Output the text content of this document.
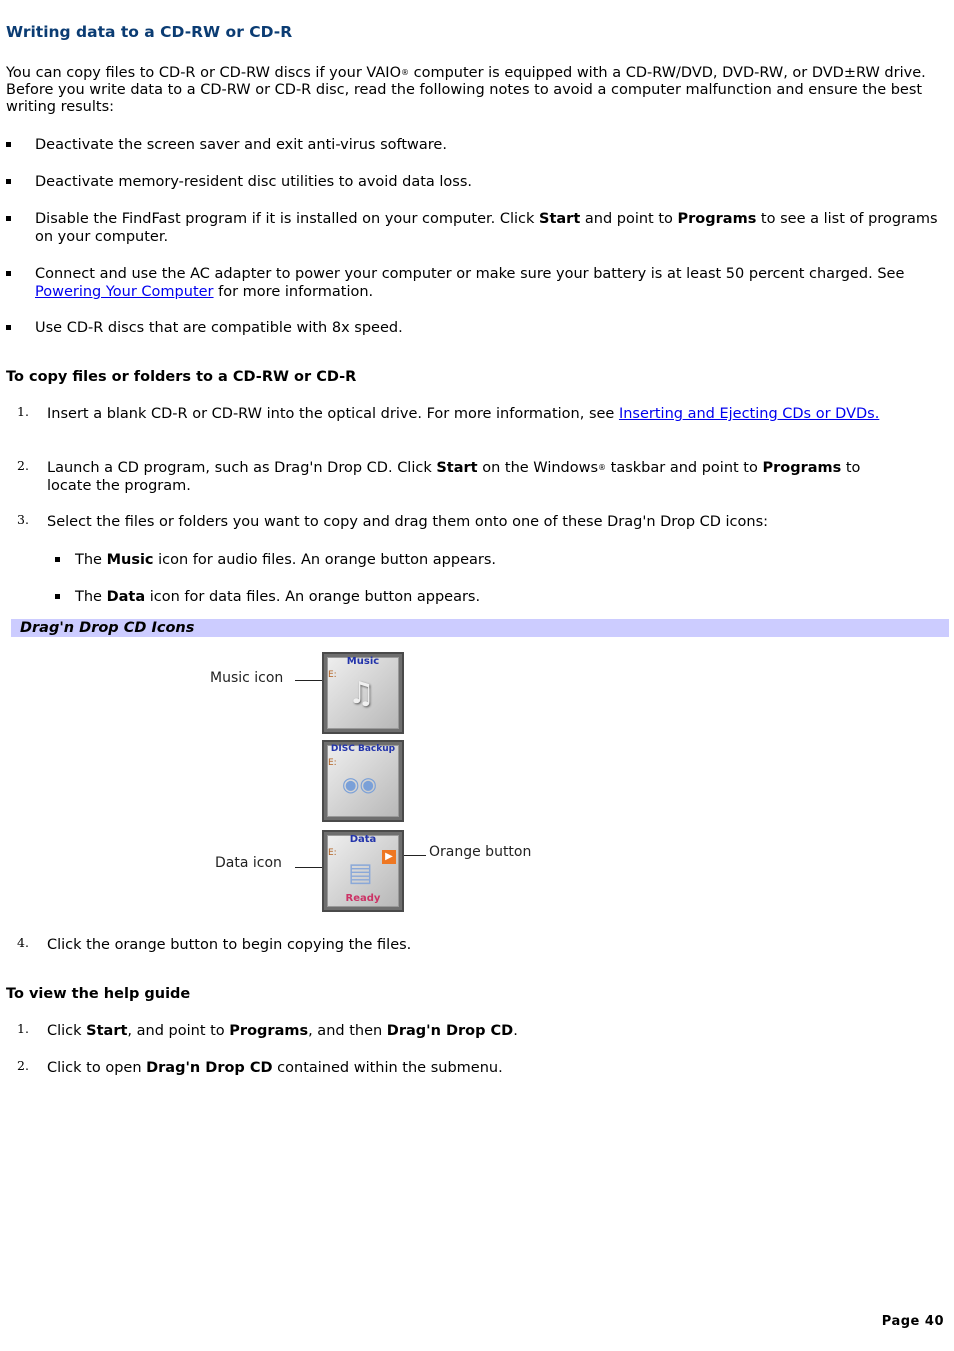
Writing data to a CD-RW or CD-R

You can copy files to CD-R or CD-RW discs if your VAIO® computer is equipped with a CD-RW/DVD, DVD-RW, or DVD±RW drive. Before you write data to a CD-RW or CD-R disc, read the following notes to avoid a computer malfunction and ensure the best writing results:

Deactivate the screen saver and exit anti-virus software.
Deactivate memory-resident disc utilities to avoid data loss.
Disable the FindFast program if it is installed on your computer. Click Start and point to Programs to see a list of programs on your computer.
Connect and use the AC adapter to power your computer or make sure your battery is at least 50 percent charged. See Powering Your Computer for more information.
Use CD-R discs that are compatible with 8x speed.
To copy files or folders to a CD-RW or CD-R
1. Insert a blank CD-R or CD-RW into the optical drive. For more information, see Inserting and Ejecting CDs or DVDs.
2. Launch a CD program, such as Drag'n Drop CD. Click Start on the Windows® taskbar and point to Programs to locate the program.
3. Select the files or folders you want to copy and drag them onto one of these Drag'n Drop CD icons:
The Music icon for audio files. An orange button appears.
The Data icon for data files. An orange button appears.
Drag'n Drop CD Icons
Music icon
Music
E:
♫
DISC Backup
E:
◉◉
Data icon
Data
E:
▤
▶
Ready
Orange button
4. Click the orange button to begin copying the files.
To view the help guide
1. Click Start, and point to Programs, and then Drag'n Drop CD.
2. Click to open Drag'n Drop CD contained within the submenu.
Page 40
